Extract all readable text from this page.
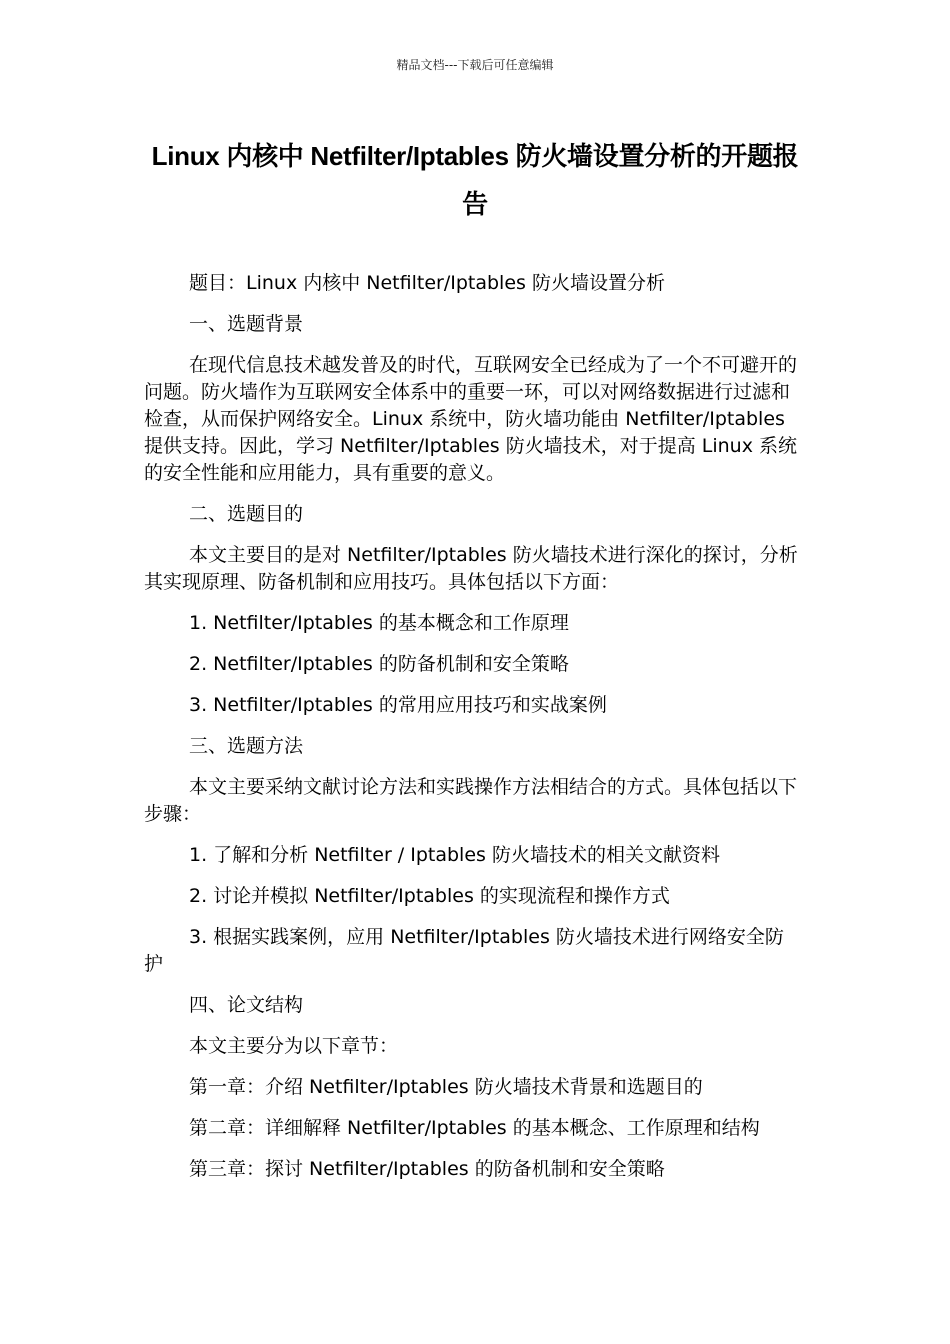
精品文档---下载后可任意编辑
Linux 内核中 Netfilter/Iptables 防火墙设置分析的开题报告

题目：Linux 内核中 Netfilter/Iptables 防火墙设置分析

一、选题背景

在现代信息技术越发普及的时代，互联网安全已经成为了一个不可避开的问题。防火墙作为互联网安全体系中的重要一环，可以对网络数据进行过滤和检查，从而保护网络安全。Linux 系统中，防火墙功能由 Netfilter/Iptables 提供支持。因此，学习 Netfilter/Iptables 防火墙技术，对于提高 Linux 系统的安全性能和应用能力，具有重要的意义。

二、选题目的

本文主要目的是对 Netfilter/Iptables 防火墙技术进行深化的探讨，分析其实现原理、防备机制和应用技巧。具体包括以下方面：

1. Netfilter/Iptables 的基本概念和工作原理

2. Netfilter/Iptables 的防备机制和安全策略

3. Netfilter/Iptables 的常用应用技巧和实战案例

三、选题方法

本文主要采纳文献讨论方法和实践操作方法相结合的方式。具体包括以下步骤：

1. 了解和分析 Netfilter / Iptables 防火墙技术的相关文献资料

2. 讨论并模拟 Netfilter/Iptables 的实现流程和操作方式

3. 根据实践案例，应用 Netfilter/Iptables 防火墙技术进行网络安全防护

四、论文结构

本文主要分为以下章节：

第一章：介绍 Netfilter/Iptables 防火墙技术背景和选题目的

第二章：详细解释 Netfilter/Iptables 的基本概念、工作原理和结构

第三章：探讨 Netfilter/Iptables 的防备机制和安全策略
